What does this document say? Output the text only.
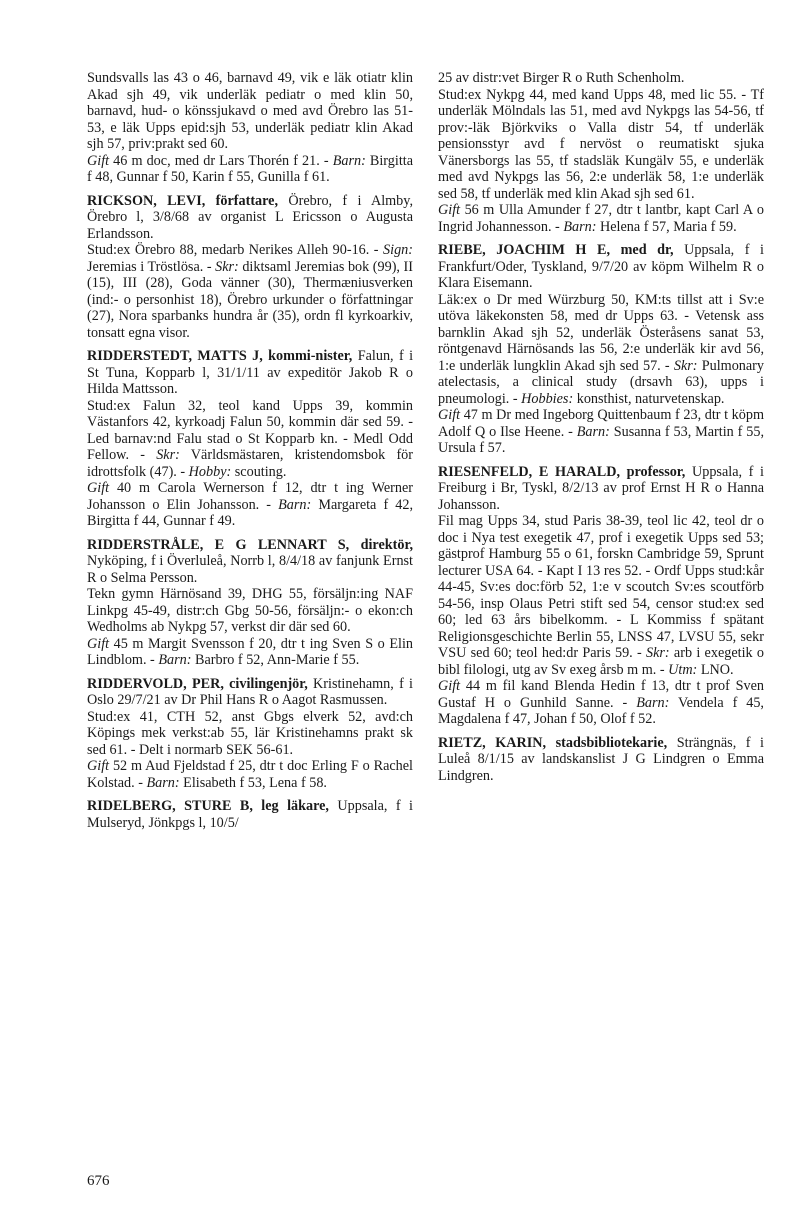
Sundsvalls las 43 o 46, barnavd 49, vik e läk otiatr klin Akad sjh 49, vik underläk pediatr o med klin 50, barnavd, hud- o könssjukavd o med avd Örebro las 51-53, e läk Upps epid:sjh 53, underläk pediatr klin Akad sjh 57, priv:prakt sed 60.

Gift 46 m doc, med dr Lars Thorén f 21. - Barn: Birgitta f 48, Gunnar f 50, Karin f 55, Gunilla f 61.

RICKSON, LEVI, författare, Örebro, f i Almby, Örebro l, 3/8/68 av organist L Ericsson o Augusta Erlandsson.

Stud:ex Örebro 88, medarb Nerikes Alleh 90-16. - Sign: Jeremias i Tröstlösa. - Skr: diktsaml Jeremias bok (99), II (15), III (28), Goda vänner (30), Thermæniusverken (ind:- o personhist 18), Örebro urkunder o författningar (27), Nora sparbanks hundra år (35), ordn fl kyrkoarkiv, tonsatt egna visor.

RIDDERSTEDT, MATTS J, kommi-nister, Falun, f i St Tuna, Kopparb l, 31/1/11 av expeditör Jakob R o Hilda Mattsson.

Stud:ex Falun 32, teol kand Upps 39, kommin Västanfors 42, kyrkoadj Falun 50, kommin där sed 59. - Led barnav:nd Falu stad o St Kopparb kn. - Medl Odd Fellow. - Skr: Världsmästaren, kristendomsbok för idrottsfolk (47). - Hobby: scouting.

Gift 40 m Carola Wernerson f 12, dtr t ing Werner Johansson o Elin Johansson. - Barn: Margareta f 42, Birgitta f 44, Gunnar f 49.

RIDDERSTRÅLE, E G LENNART S, direktör, Nyköping, f i Överluleå, Norrb l, 8/4/18 av fanjunk Ernst R o Selma Persson.

Tekn gymn Härnösand 39, DHG 55, försäljn:ing NAF Linkpg 45-49, distr:ch Gbg 50-56, försäljn:- o ekon:ch Wedholms ab Nykpg 57, verkst dir där sed 60.

Gift 45 m Margit Svensson f 20, dtr t ing Sven S o Elin Lindblom. - Barn: Barbro f 52, Ann-Marie f 55.

RIDDERVOLD, PER, civilingenjör, Kristinehamn, f i Oslo 29/7/21 av Dr Phil Hans R o Aagot Rasmussen.

Stud:ex 41, CTH 52, anst Gbgs elverk 52, avd:ch Köpings mek verkst:ab 55, lär Kristinehamns prakt sk sed 61. - Delt i normarb SEK 56-61.

Gift 52 m Aud Fjeldstad f 25, dtr t doc Erling F o Rachel Kolstad. - Barn: Elisabeth f 53, Lena f 58.

RIDELBERG, STURE B, leg läkare, Uppsala, f i Mulseryd, Jönkpgs l, 10/5/

25 av distr:vet Birger R o Ruth Schenholm.

Stud:ex Nykpg 44, med kand Upps 48, med lic 55. - Tf underläk Mölndals las 51, med avd Nykpgs las 54-56, tf prov:-läk Björkviks o Valla distr 54, tf underläk pensionsstyr avd f nervöst o reumatiskt sjuka Vänersborgs las 55, tf stadsläk Kungälv 55, e underläk med avd Nykpgs las 56, 2:e underläk 58, 1:e underläk sed 58, tf underläk med klin Akad sjh sed 61.

Gift 56 m Ulla Amunder f 27, dtr t lantbr, kapt Carl A o Ingrid Johannesson. - Barn: Helena f 57, Maria f 59.

RIEBE, JOACHIM H E, med dr, Uppsala, f i Frankfurt/Oder, Tyskland, 9/7/20 av köpm Wilhelm R o Klara Eisemann.

Läk:ex o Dr med Würzburg 50, KM:ts tillst att i Sv:e utöva läkekonsten 58, med dr Upps 63. - Vetensk ass barnklin Akad sjh 52, underläk Österåsens sanat 53, röntgenavd Härnösands las 56, 2:e underläk kir avd 56, 1:e underläk lungklin Akad sjh sed 57. - Skr: Pulmonary atelectasis, a clinical study (drsavh 63), upps i pneumologi. - Hobbies: konsthist, naturvetenskap.

Gift 47 m Dr med Ingeborg Quittenbaum f 23, dtr t köpm Adolf Q o Ilse Heene. - Barn: Susanna f 53, Martin f 55, Ursula f 57.

RIESENFELD, E HARALD, professor, Uppsala, f i Freiburg i Br, Tyskl, 8/2/13 av prof Ernst H R o Hanna Johansson.

Fil mag Upps 34, stud Paris 38-39, teol lic 42, teol dr o doc i Nya test exegetik 47, prof i exegetik Upps sed 53; gästprof Hamburg 55 o 61, forskn Cambridge 59, Sprunt lecturer USA 64. - Kapt I 13 res 52. - Ordf Upps stud:kår 44-45, Sv:es doc:förb 52, 1:e v scoutch Sv:es scoutförb 54-56, insp Olaus Petri stift sed 54, censor stud:ex sed 60; led 63 års bibelkomm. - L Kommiss f spätant Religionsgeschichte Berlin 55, LNSS 47, LVSU 55, sekr VSU sed 60; teol hed:dr Paris 59. - Skr: arb i exegetik o bibl filologi, utg av Sv exeg årsb m m. - Utm: LNO.

Gift 44 m fil kand Blenda Hedin f 13, dtr t prof Sven Gustaf H o Gunhild Sanne. - Barn: Vendela f 45, Magdalena f 47, Johan f 50, Olof f 52.

RIETZ, KARIN, stadsbibliotekarie, Strängnäs, f i Luleå 8/1/15 av landskanslist J G Lindgren o Emma Lindgren.

676
